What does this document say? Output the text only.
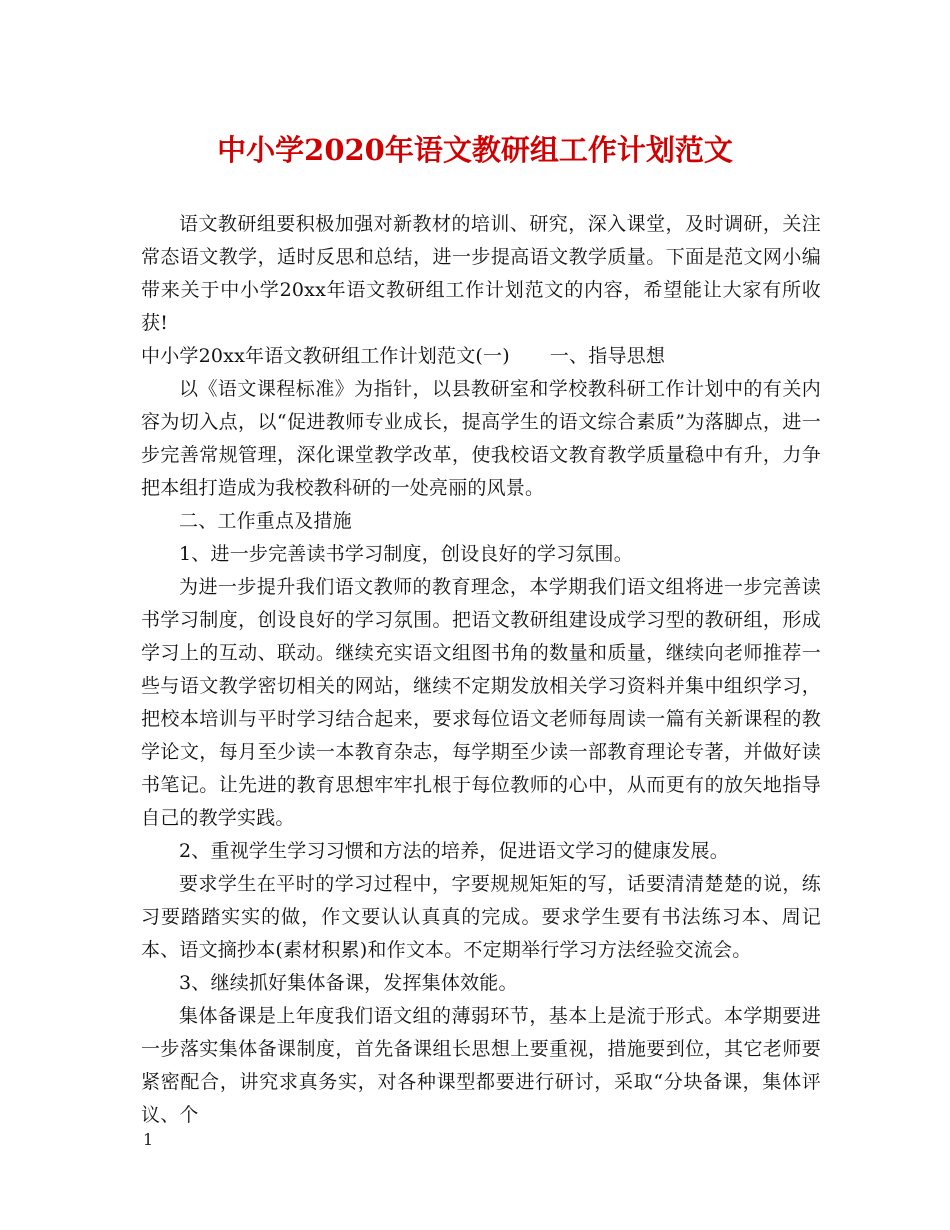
中小学2020年语文教研组工作计划范文

语文教研组要积极加强对新教材的培训、研究，深入课堂，及时调研，关注常态语文教学，适时反思和总结，进一步提高语文教学质量。下面是范文网小编带来关于中小学20xx年语文教研组工作计划范文的内容，希望能让大家有所收获!

中小学20xx年语文教研组工作计划范文(一) 一、指导思想

以《语文课程标准》为指针，以县教研室和学校教科研工作计划中的有关内容为切入点，以“促进教师专业成长，提高学生的语文综合素质”为落脚点，进一步完善常规管理，深化课堂教学改革，使我校语文教育教学质量稳中有升，力争把本组打造成为我校教科研的一处亮丽的风景。

二、工作重点及措施

1、进一步完善读书学习制度，创设良好的学习氛围。

为进一步提升我们语文教师的教育理念，本学期我们语文组将进一步完善读书学习制度，创设良好的学习氛围。把语文教研组建设成学习型的教研组，形成学习上的互动、联动。继续充实语文组图书角的数量和质量，继续向老师推荐一些与语文教学密切相关的网站，继续不定期发放相关学习资料并集中组织学习，把校本培训与平时学习结合起来，要求每位语文老师每周读一篇有关新课程的教学论文，每月至少读一本教育杂志，每学期至少读一部教育理论专著，并做好读书笔记。让先进的教育思想牢牢扎根于每位教师的心中，从而更有的放矢地指导自己的教学实践。

2、重视学生学习习惯和方法的培养，促进语文学习的健康发展。

要求学生在平时的学习过程中，字要规规矩矩的写，话要清清楚楚的说，练习要踏踏实实的做，作文要认认真真的完成。要求学生要有书法练习本、周记本、语文摘抄本(素材积累)和作文本。不定期举行学习方法经验交流会。

3、继续抓好集体备课，发挥集体效能。

集体备课是上年度我们语文组的薄弱环节，基本上是流于形式。本学期要进一步落实集体备课制度，首先备课组长思想上要重视，措施要到位，其它老师要紧密配合，讲究求真务实，对各种课型都要进行研讨，采取“分块备课，集体评议、个

1
